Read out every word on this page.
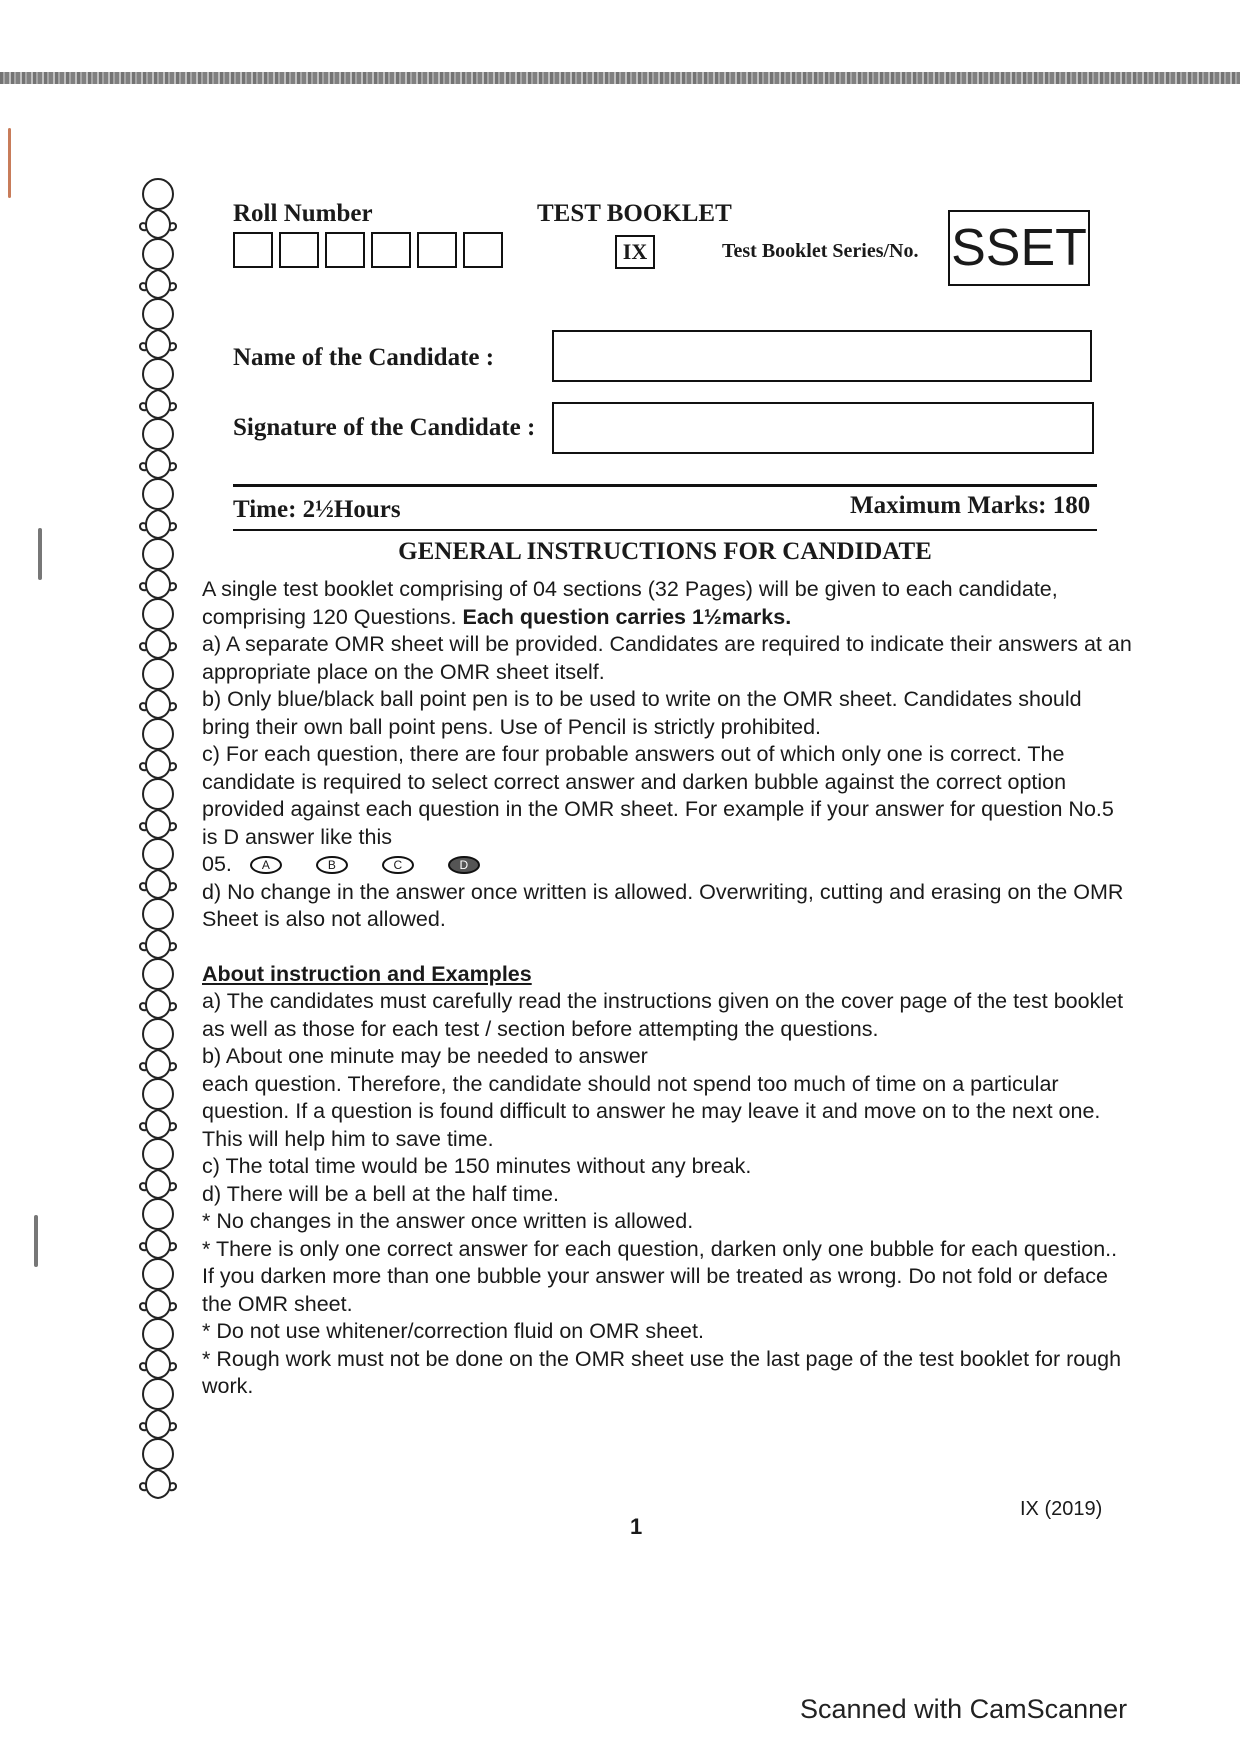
Roll Number	TEST BOOKLET
IX	Test Booklet Series/No. SSET
Name of the Candidate :
Signature of the Candidate :
Time: 2½Hours	Maximum Marks: 180
GENERAL INSTRUCTIONS FOR CANDIDATE

A single test booklet comprising of 04 sections (32 Pages) will be given to each candidate, comprising 120 Questions. Each question carries 1½marks.

a) A separate OMR sheet will be provided. Candidates are required to indicate their answers at an appropriate place on the OMR sheet itself.

b) Only blue/black ball point pen is to be used to write on the OMR sheet. Candidates should bring their own ball point pens. Use of Pencil is strictly prohibited.

c) For each question, there are four probable answers out of which only one is correct. The candidate is required to select correct answer and darken bubble against the correct option provided against each question in the OMR sheet. For example if your answer for question No.5 is D answer like this

05.	A	B	C	D

d) No change in the answer once written is allowed. Overwriting, cutting and erasing on the OMR Sheet is also not allowed.

About instruction and Examples

a) The candidates must carefully read the instructions given on the cover page of the test booklet as well as those for each test / section before attempting the questions.

b) About one minute may be needed to answer

each question. Therefore, the candidate should not spend too much of time on a particular question. If a question is found difficult to answer he may leave it and move on to the next one. This will help him to save time.

c) The total time would be 150 minutes without any break.

d) There will be a bell at the half time.

* No changes in the answer once written is allowed.

* There is only one correct answer for each question, darken only one bubble for each question.. If you darken more than one bubble your answer will be treated as wrong. Do not fold or deface the OMR sheet.

* Do not use whitener/correction fluid on OMR sheet.

* Rough work must not be done on the OMR sheet use the last page of the test booklet for rough work.

1
IX (2019)
Scanned with CamScanner
